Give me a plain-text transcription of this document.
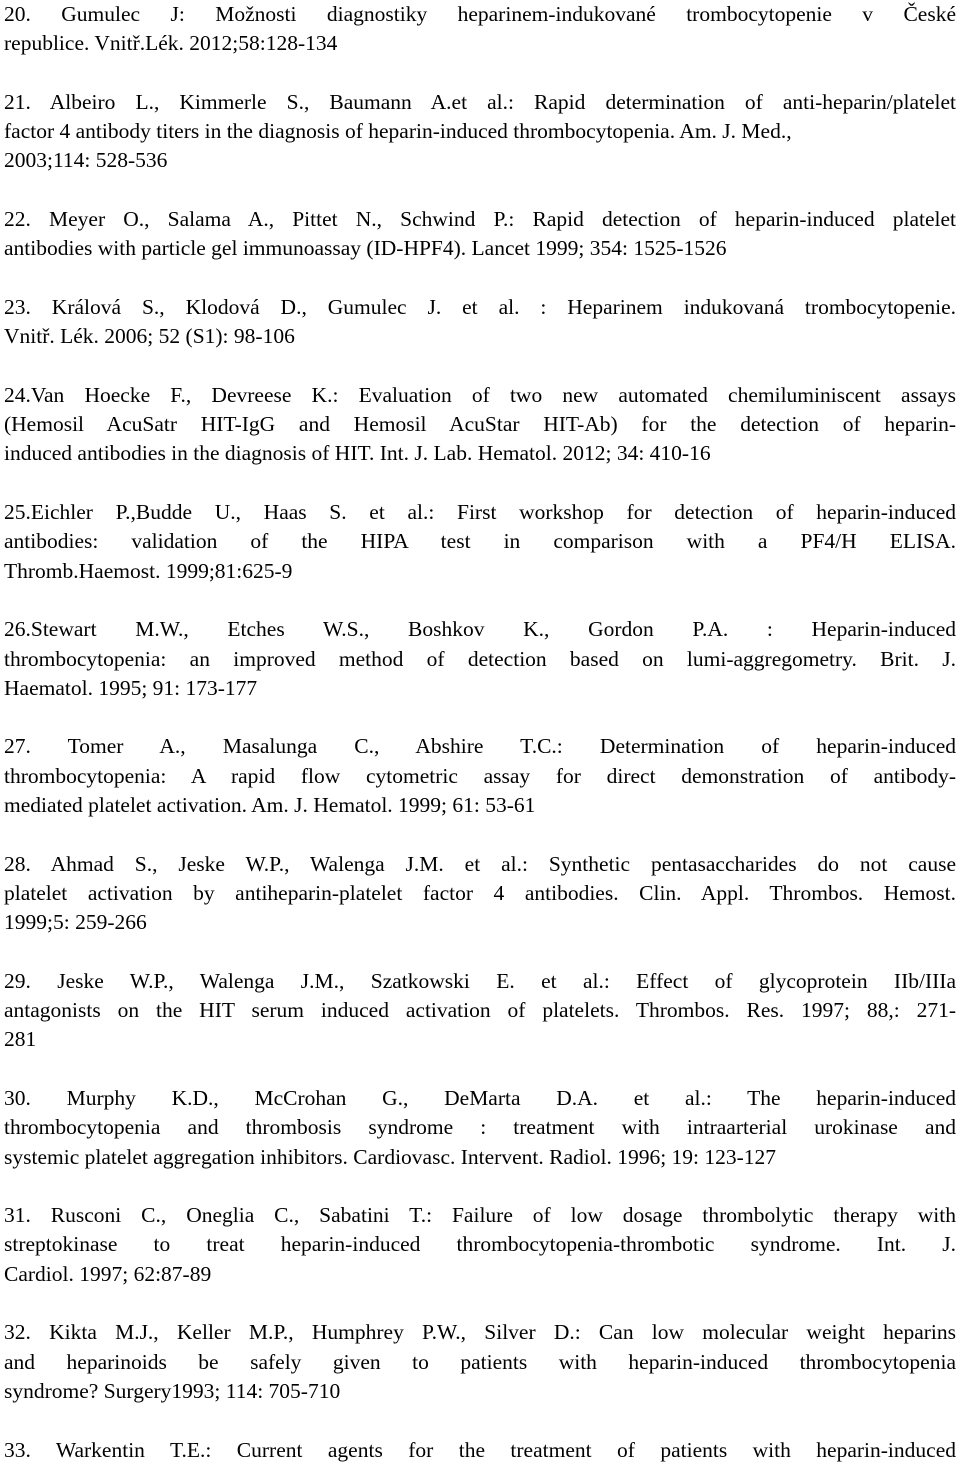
20. Gumulec J: Možnosti diagnostiky heparinem-indukované trombocytopenie v České
republice. Vnitř.Lék. 2012;58:128-134
21. Albeiro L., Kimmerle S., Baumann A.et al.: Rapid determination of anti-heparin/platelet
factor 4 antibody titers in the diagnosis of heparin-induced thrombocytopenia. Am. J. Med.,
2003;114: 528-536
22. Meyer O., Salama A., Pittet N., Schwind P.: Rapid detection of heparin-induced platelet
antibodies with particle gel immunoassay (ID-HPF4). Lancet 1999; 354: 1525-1526
23. Králová S., Klodová D., Gumulec J. et al. : Heparinem indukovaná trombocytopenie.
Vnitř. Lék. 2006; 52 (S1): 98-106
24.Van Hoecke F., Devreese K.: Evaluation of two new automated chemiluminiscent assays
(Hemosil AcuSatr HIT-IgG and Hemosil AcuStar HIT-Ab) for the detection of heparin-
induced antibodies in the diagnosis of HIT. Int. J. Lab. Hematol. 2012; 34: 410-16
25.Eichler P.,Budde U., Haas S. et al.: First workshop for detection of heparin-induced
antibodies: validation of the HIPA test in comparison with a PF4/H ELISA.
Thromb.Haemost. 1999;81:625-9
26.Stewart M.W., Etches W.S., Boshkov K., Gordon P.A. : Heparin-induced
thrombocytopenia: an improved method of detection based on lumi-aggregometry. Brit. J.
Haematol. 1995; 91: 173-177
27. Tomer A., Masalunga C., Abshire T.C.: Determination of heparin-induced
thrombocytopenia: A rapid flow cytometric assay for direct demonstration of antibody-
mediated platelet activation. Am. J. Hematol. 1999; 61: 53-61
28. Ahmad S., Jeske W.P., Walenga J.M. et al.: Synthetic pentasaccharides do not cause
platelet activation by antiheparin-platelet factor 4 antibodies. Clin. Appl. Thrombos. Hemost.
1999;5: 259-266
29. Jeske W.P., Walenga J.M., Szatkowski E. et al.: Effect of glycoprotein IIb/IIIa
antagonists on the HIT serum induced activation of platelets. Thrombos. Res. 1997; 88,: 271-
281
30. Murphy K.D., McCrohan G., DeMarta D.A. et al.: The heparin-induced
thrombocytopenia and thrombosis syndrome : treatment with intraarterial urokinase and
systemic platelet aggregation inhibitors. Cardiovasc. Intervent. Radiol. 1996; 19: 123-127
31. Rusconi C., Oneglia C., Sabatini T.: Failure of low dosage thrombolytic therapy with
streptokinase to treat heparin-induced thrombocytopenia-thrombotic syndrome. Int. J.
Cardiol. 1997; 62:87-89
32. Kikta M.J., Keller M.P., Humphrey P.W., Silver D.: Can low molecular weight heparins
and heparinoids be safely given to patients with heparin-induced thrombocytopenia
syndrome? Surgery1993; 114: 705-710
33. Warkentin T.E.: Current agents for the treatment of patients with heparin-induced
